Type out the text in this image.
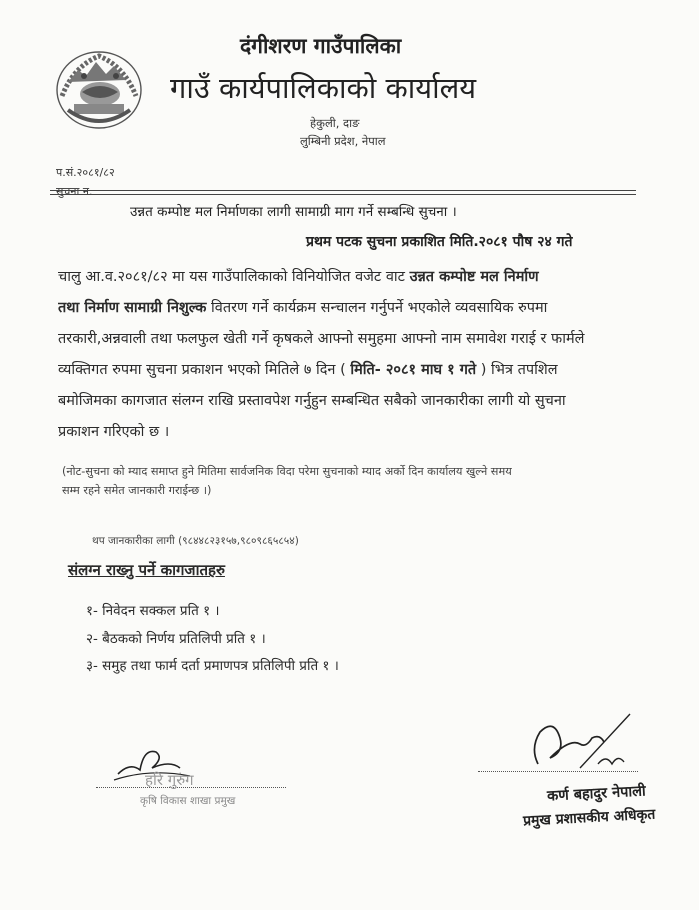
दंगीशरण गाउँपालिका
गाउँ कार्यपालिकाको कार्यालय
हेकुली, दाङ
लुम्बिनी प्रदेश, नेपाल
प.सं.२०८१/८२
सुचना न.
उन्नत कम्पोष्ट मल निर्माणका लागी सामाग्री माग गर्ने सम्बन्धि सुचना ।
प्रथम पटक सुचना प्रकाशित मिति.२०८१ पौष २४ गते
चालु आ.व.२०८१/८२ मा यस गाउँपालिकाको विनियोजित वजेट वाट उन्नत कम्पोष्ट मल निर्माण
तथा निर्माण सामाग्री निशुल्क वितरण गर्ने कार्यक्रम सन्चालन गर्नुपर्ने भएकोले व्यवसायिक रुपमा
तरकारी,अन्नवाली तथा फलफुल खेती गर्ने कृषकले आफ्नो समुहमा आफ्नो नाम समावेश गराई र फार्मले
व्यक्तिगत रुपमा सुचना प्रकाशन भएको मितिले ७ दिन ( मिति- २०८१ माघ १ गते ) भित्र तपशिल
बमोजिमका कागजात संलग्न राखि प्रस्तावपेश गर्नुहुन सम्बन्धित सबैको जानकारीका लागी यो सुचना
प्रकाशन गरिएको छ ।
(नोट-सुचना को म्याद समाप्त हुने मितिमा सार्वजनिक विदा परेमा सुचनाको म्याद अर्को दिन कार्यालय खुल्ने समय
सम्म रहने समेत जानकारी गराईन्छ ।)
थप जानकारीका लागी (९८४४८२३१५७,९८०९८६५८५४)
संलग्न राख्नु पर्ने कागजातहरु
१- निवेदन सक्कल प्रति १ ।
२- बैठकको निर्णय प्रतिलिपी प्रति १ ।
३- समुह तथा फार्म दर्ता प्रमाणपत्र प्रतिलिपी प्रति १ ।
हरि गुरुंग
कृषि विकास शाखा प्रमुख	कर्ण बहादुर नेपाली
प्रमुख प्रशासकीय अधिकृत
